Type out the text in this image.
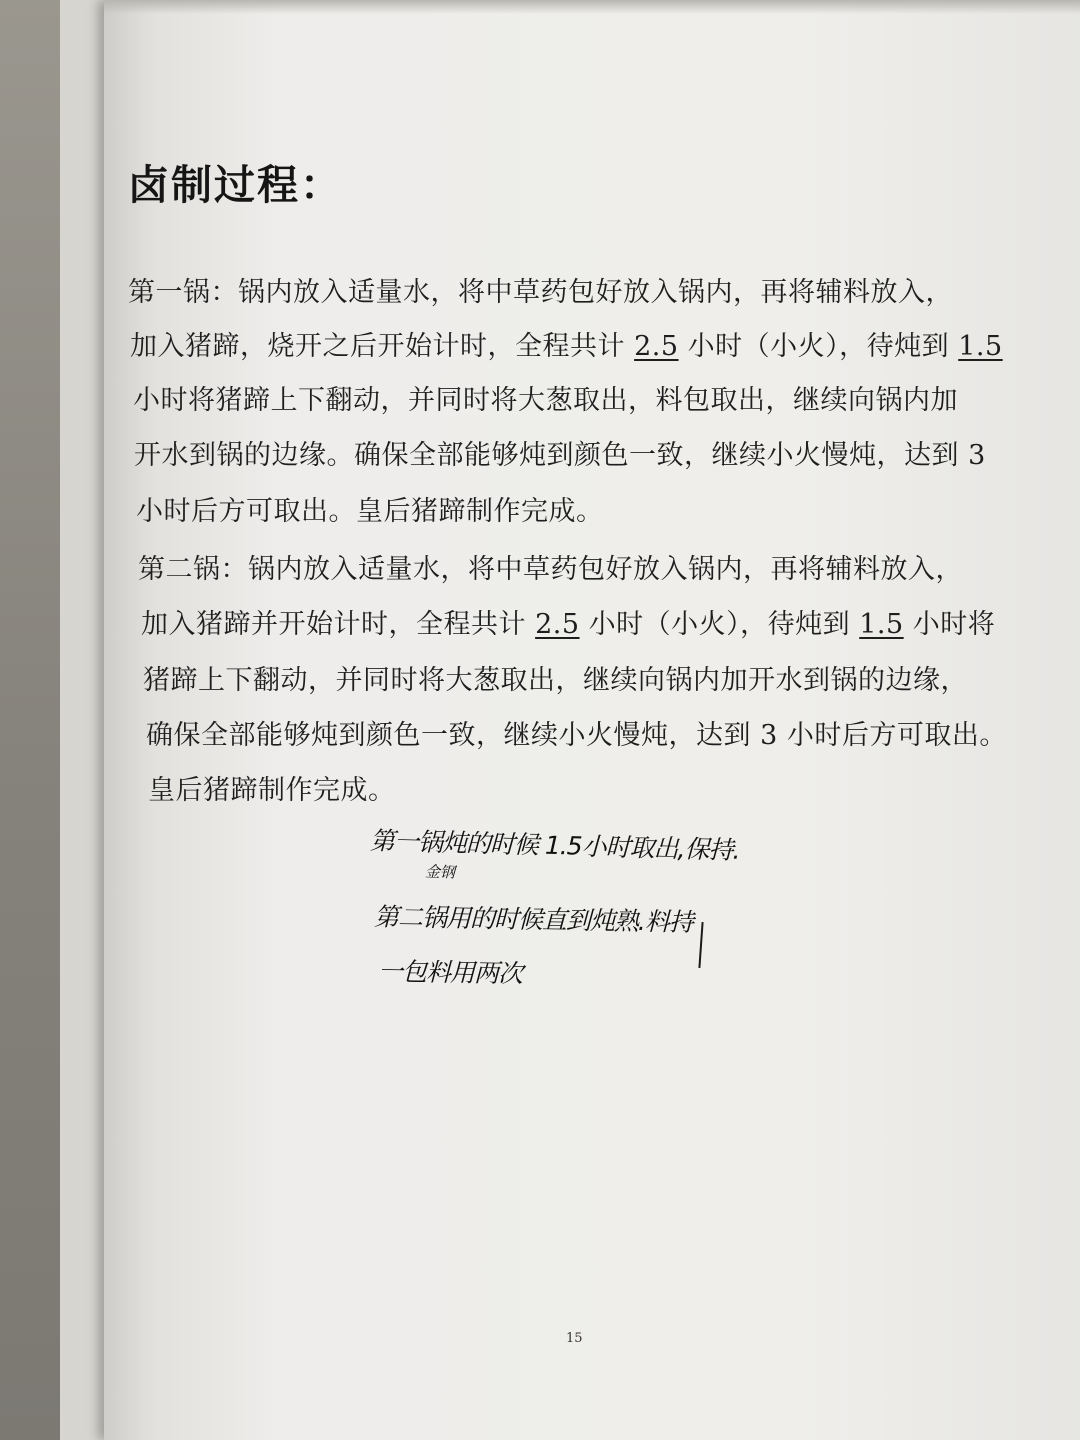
卤制过程：
第一锅：锅内放入适量水，将中草药包好放入锅内，再将辅料放入，
加入猪蹄，烧开之后开始计时，全程共计 2.5 小时（小火），待炖到 1.5
小时将猪蹄上下翻动，并同时将大葱取出，料包取出，继续向锅内加
开水到锅的边缘。确保全部能够炖到颜色一致，继续小火慢炖，达到 3
小时后方可取出。皇后猪蹄制作完成。
第二锅：锅内放入适量水，将中草药包好放入锅内，再将辅料放入，
加入猪蹄并开始计时，全程共计 2.5 小时（小火），待炖到 1.5 小时将
猪蹄上下翻动，并同时将大葱取出，继续向锅内加开水到锅的边缘，
确保全部能够炖到颜色一致，继续小火慢炖，达到 3 小时后方可取出。
皇后猪蹄制作完成。
第一锅炖的时候 1.5小时取出,保持.
金钢
第二锅用的时候直到炖熟.料持
一包料用两次
15
